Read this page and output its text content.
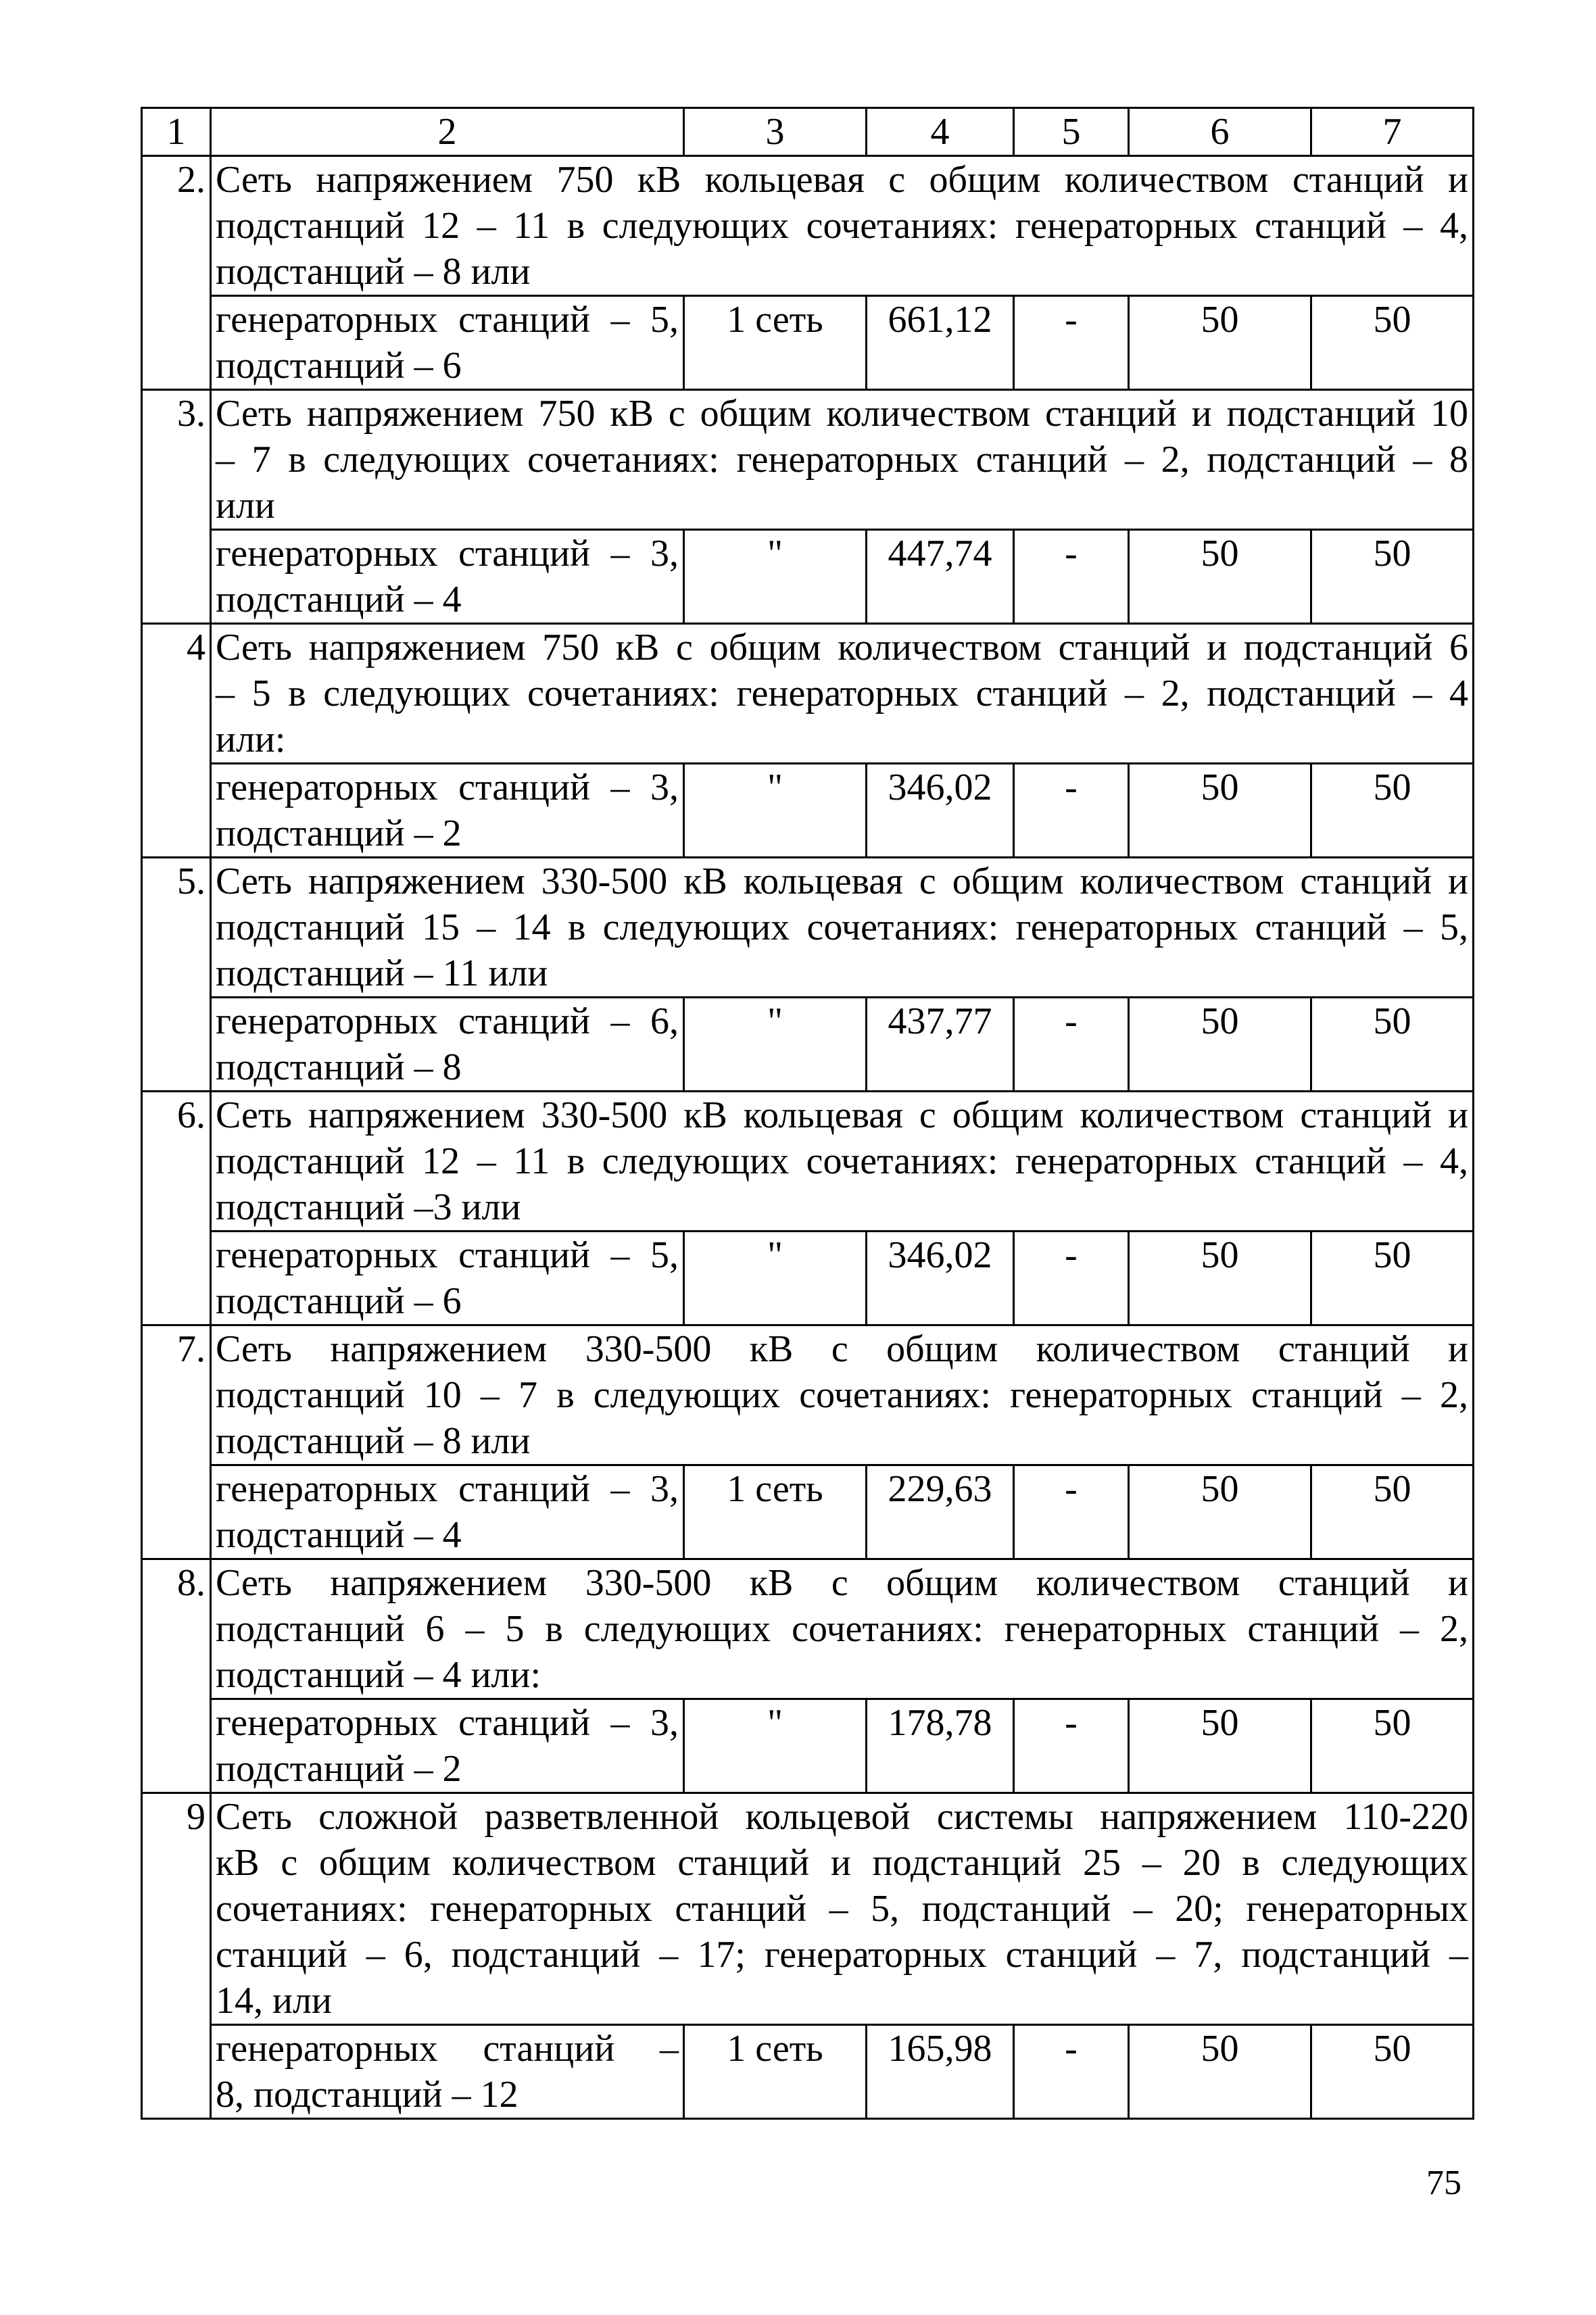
1	2	3	4	5	6	7
2.	Сеть напряжением 750 кВ кольцевая с общим количеством станций и
подстанций 12 – 11 в следующих сочетаниях: генераторных станций – 4,
подстанций – 8 или					

	генераторных станций – 5,
подстанций – 6	1 сеть	661,12	-	50	50
3.	Сеть напряжением 750 кВ с общим количеством станций и подстанций 10
– 7 в следующих сочетаниях: генераторных станций – 2, подстанций – 8
или					

	генераторных станций – 3,
подстанций – 4	"	447,74	-	50	50
4	Сеть напряжением 750 кВ с общим количеством станций и подстанций 6
– 5 в следующих сочетаниях: генераторных станций – 2, подстанций – 4
или:					

	генераторных станций – 3,
подстанций – 2	"	346,02	-	50	50
5.	Сеть напряжением 330-500 кВ кольцевая с общим количеством станций и
подстанций 15 – 14 в следующих сочетаниях: генераторных станций – 5,
подстанций – 11 или					

	генераторных станций – 6,
подстанций – 8	"	437,77	-	50	50
6.	Сеть напряжением 330-500 кВ кольцевая с общим количеством станций и
подстанций 12 – 11 в следующих сочетаниях: генераторных станций – 4,
подстанций –3 или					

	генераторных станций – 5,
подстанций – 6	"	346,02	-	50	50
7.	Сеть напряжением 330-500 кВ с общим количеством станций и
подстанций 10 – 7 в следующих сочетаниях: генераторных станций – 2,
подстанций – 8 или					

	генераторных станций – 3,
подстанций – 4	1 сеть	229,63	-	50	50
8.	Сеть напряжением 330-500 кВ с общим количеством станций и
подстанций 6 – 5 в следующих сочетаниях: генераторных станций – 2,
подстанций – 4 или:					

	генераторных станций – 3,
подстанций – 2	"	178,78	-	50	50
9	Сеть сложной разветвленной кольцевой системы напряжением 110-220
кВ с общим количеством станций и подстанций 25 – 20 в следующих
сочетаниях: генераторных станций – 5, подстанций – 20; генераторных
станций – 6, подстанций – 17; генераторных станций – 7, подстанций –
14, или					

	генераторных станций –
8, подстанций – 12	1 сеть	165,98	-	50	50
75
